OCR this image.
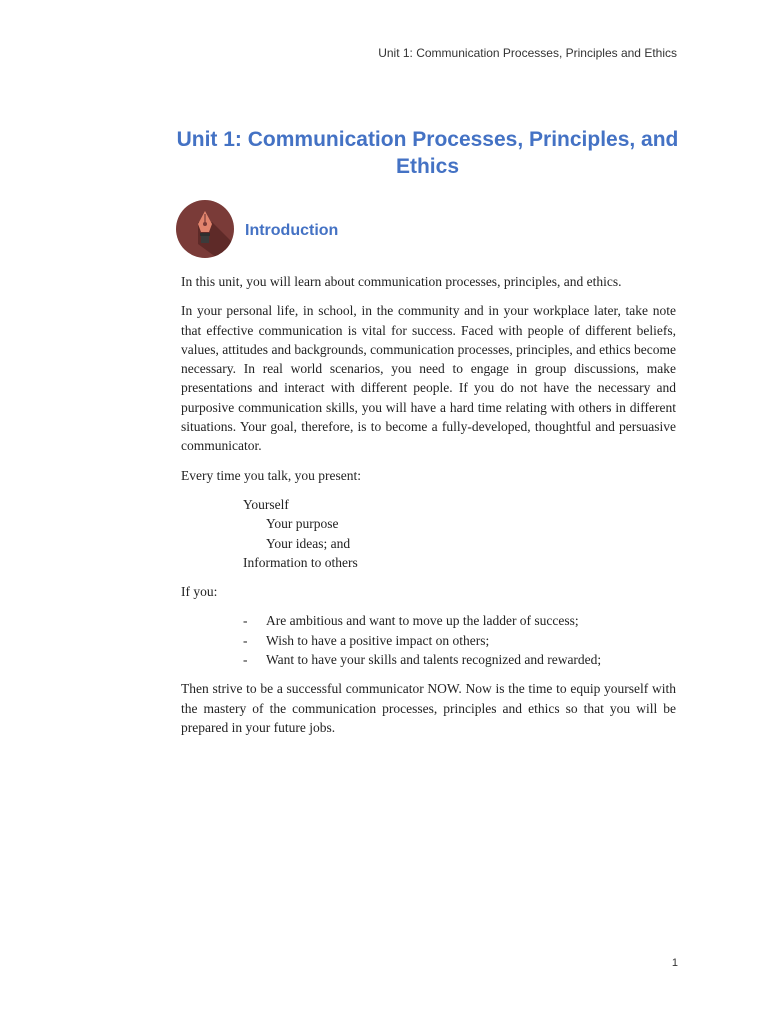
Unit 1: Communication Processes, Principles and Ethics
Unit 1: Communication Processes, Principles, and Ethics
Introduction

In this unit, you will learn about communication processes, principles, and ethics.

In your personal life, in school, in the community and in your workplace later, take note that effective communication is vital for success. Faced with people of different beliefs, values, attitudes and backgrounds, communication processes, principles, and ethics become necessary. In real world scenarios, you need to engage in group discussions, make presentations and interact with different people. If you do not have the necessary and purposive communication skills, you will have a hard time relating with others in different situations. Your goal, therefore, is to become a fully-developed, thoughtful and persuasive communicator.

Every time you talk, you present:

Yourself
Your purpose
Your ideas; and
Information to others

If you:

- Are ambitious and want to move up the ladder of success;
- Wish to have a positive impact on others;
- Want to have your skills and talents recognized and rewarded;

Then strive to be a successful communicator NOW. Now is the time to equip yourself with the mastery of the communication processes, principles and ethics so that you will be prepared in your future jobs.

1
